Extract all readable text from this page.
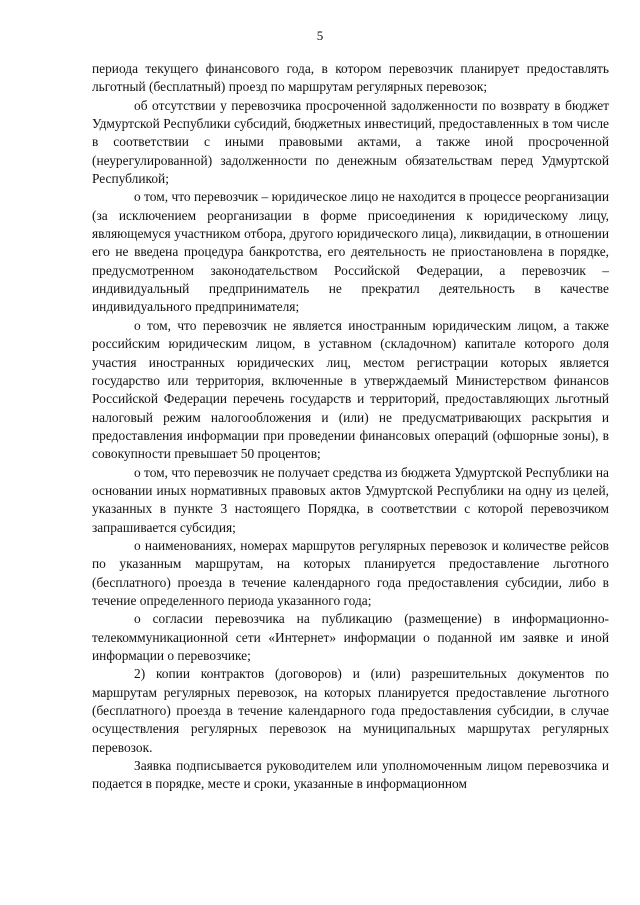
5

периода текущего финансового года, в котором перевозчик планирует предоставлять льготный (бесплатный) проезд по маршрутам регулярных перевозок;

об отсутствии у перевозчика просроченной задолженности по возврату в бюджет Удмуртской Республики субсидий, бюджетных инвестиций, предоставленных в том числе в соответствии с иными правовыми актами, а также иной просроченной (неурегулированной) задолженности по денежным обязательствам перед Удмуртской Республикой;

о том, что перевозчик – юридическое лицо не находится в процессе реорганизации (за исключением реорганизации в форме присоединения к юридическому лицу, являющемуся участником отбора, другого юридического лица), ликвидации, в отношении его не введена процедура банкротства, его деятельность не приостановлена в порядке, предусмотренном законодательством Российской Федерации, а перевозчик – индивидуальный предприниматель не прекратил деятельность в качестве индивидуального предпринимателя;

о том, что перевозчик не является иностранным юридическим лицом, а также российским юридическим лицом, в уставном (складочном) капитале которого доля участия иностранных юридических лиц, местом регистрации которых является государство или территория, включенные в утверждаемый Министерством финансов Российской Федерации перечень государств и территорий, предоставляющих льготный налоговый режим налогообложения и (или) не предусматривающих раскрытия и предоставления информации при проведении финансовых операций (офшорные зоны), в совокупности превышает 50 процентов;

о том, что перевозчик не получает средства из бюджета Удмуртской Республики на основании иных нормативных правовых актов Удмуртской Республики на одну из целей, указанных в пункте 3 настоящего Порядка, в соответствии с которой перевозчиком запрашивается субсидия;

о наименованиях, номерах маршрутов регулярных перевозок и количестве рейсов по указанным маршрутам, на которых планируется предоставление льготного (бесплатного) проезда в течение календарного года предоставления субсидии, либо в течение определенного периода указанного года;

о согласии перевозчика на публикацию (размещение) в информационно-телекоммуникационной сети «Интернет» информации о поданной им заявке и иной информации о перевозчике;

2) копии контрактов (договоров) и (или) разрешительных документов по маршрутам регулярных перевозок, на которых планируется предоставление льготного (бесплатного) проезда в течение календарного года предоставления субсидии, в случае осуществления регулярных перевозок на муниципальных маршрутах регулярных перевозок.

Заявка подписывается руководителем или уполномоченным лицом перевозчика и подается в порядке, месте и сроки, указанные в информационном
